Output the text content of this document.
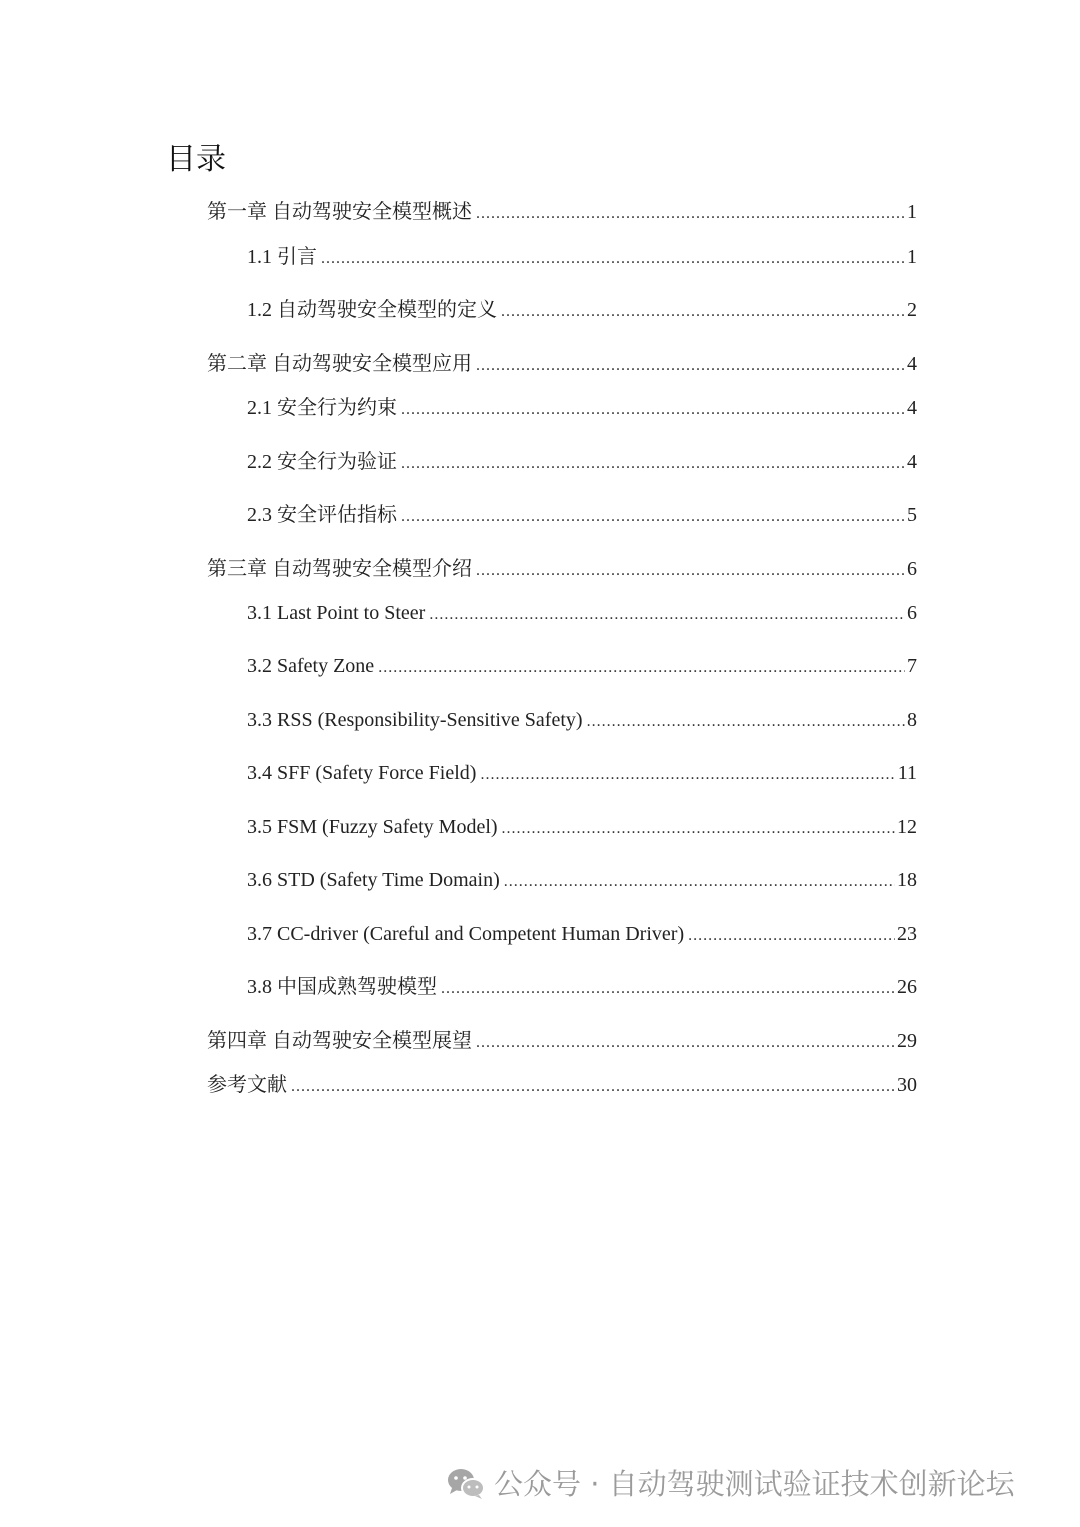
目录
第一章 自动驾驶安全模型概述 .....	1
1.1 引言 .....	1
1.2 自动驾驶安全模型的定义 .....	2
第二章 自动驾驶安全模型应用 .....	4
2.1 安全行为约束 .....	4
2.2 安全行为验证 .....	4
2.3 安全评估指标 .....	5
第三章 自动驾驶安全模型介绍 .....	6
3.1 Last Point to Steer .....	6
3.2 Safety Zone .....	7
3.3 RSS (Responsibility-Sensitive Safety) .....	8
3.4 SFF (Safety Force Field) .....	11
3.5 FSM (Fuzzy Safety Model) .....	12
3.6 STD (Safety Time Domain) .....	18
3.7 CC-driver (Careful and Competent Human Driver) .....	23
3.8 中国成熟驾驶模型 .....	26
第四章 自动驾驶安全模型展望 .....	29
参考文献 .....	30
公众号 · 自动驾驶测试验证技术创新论坛
